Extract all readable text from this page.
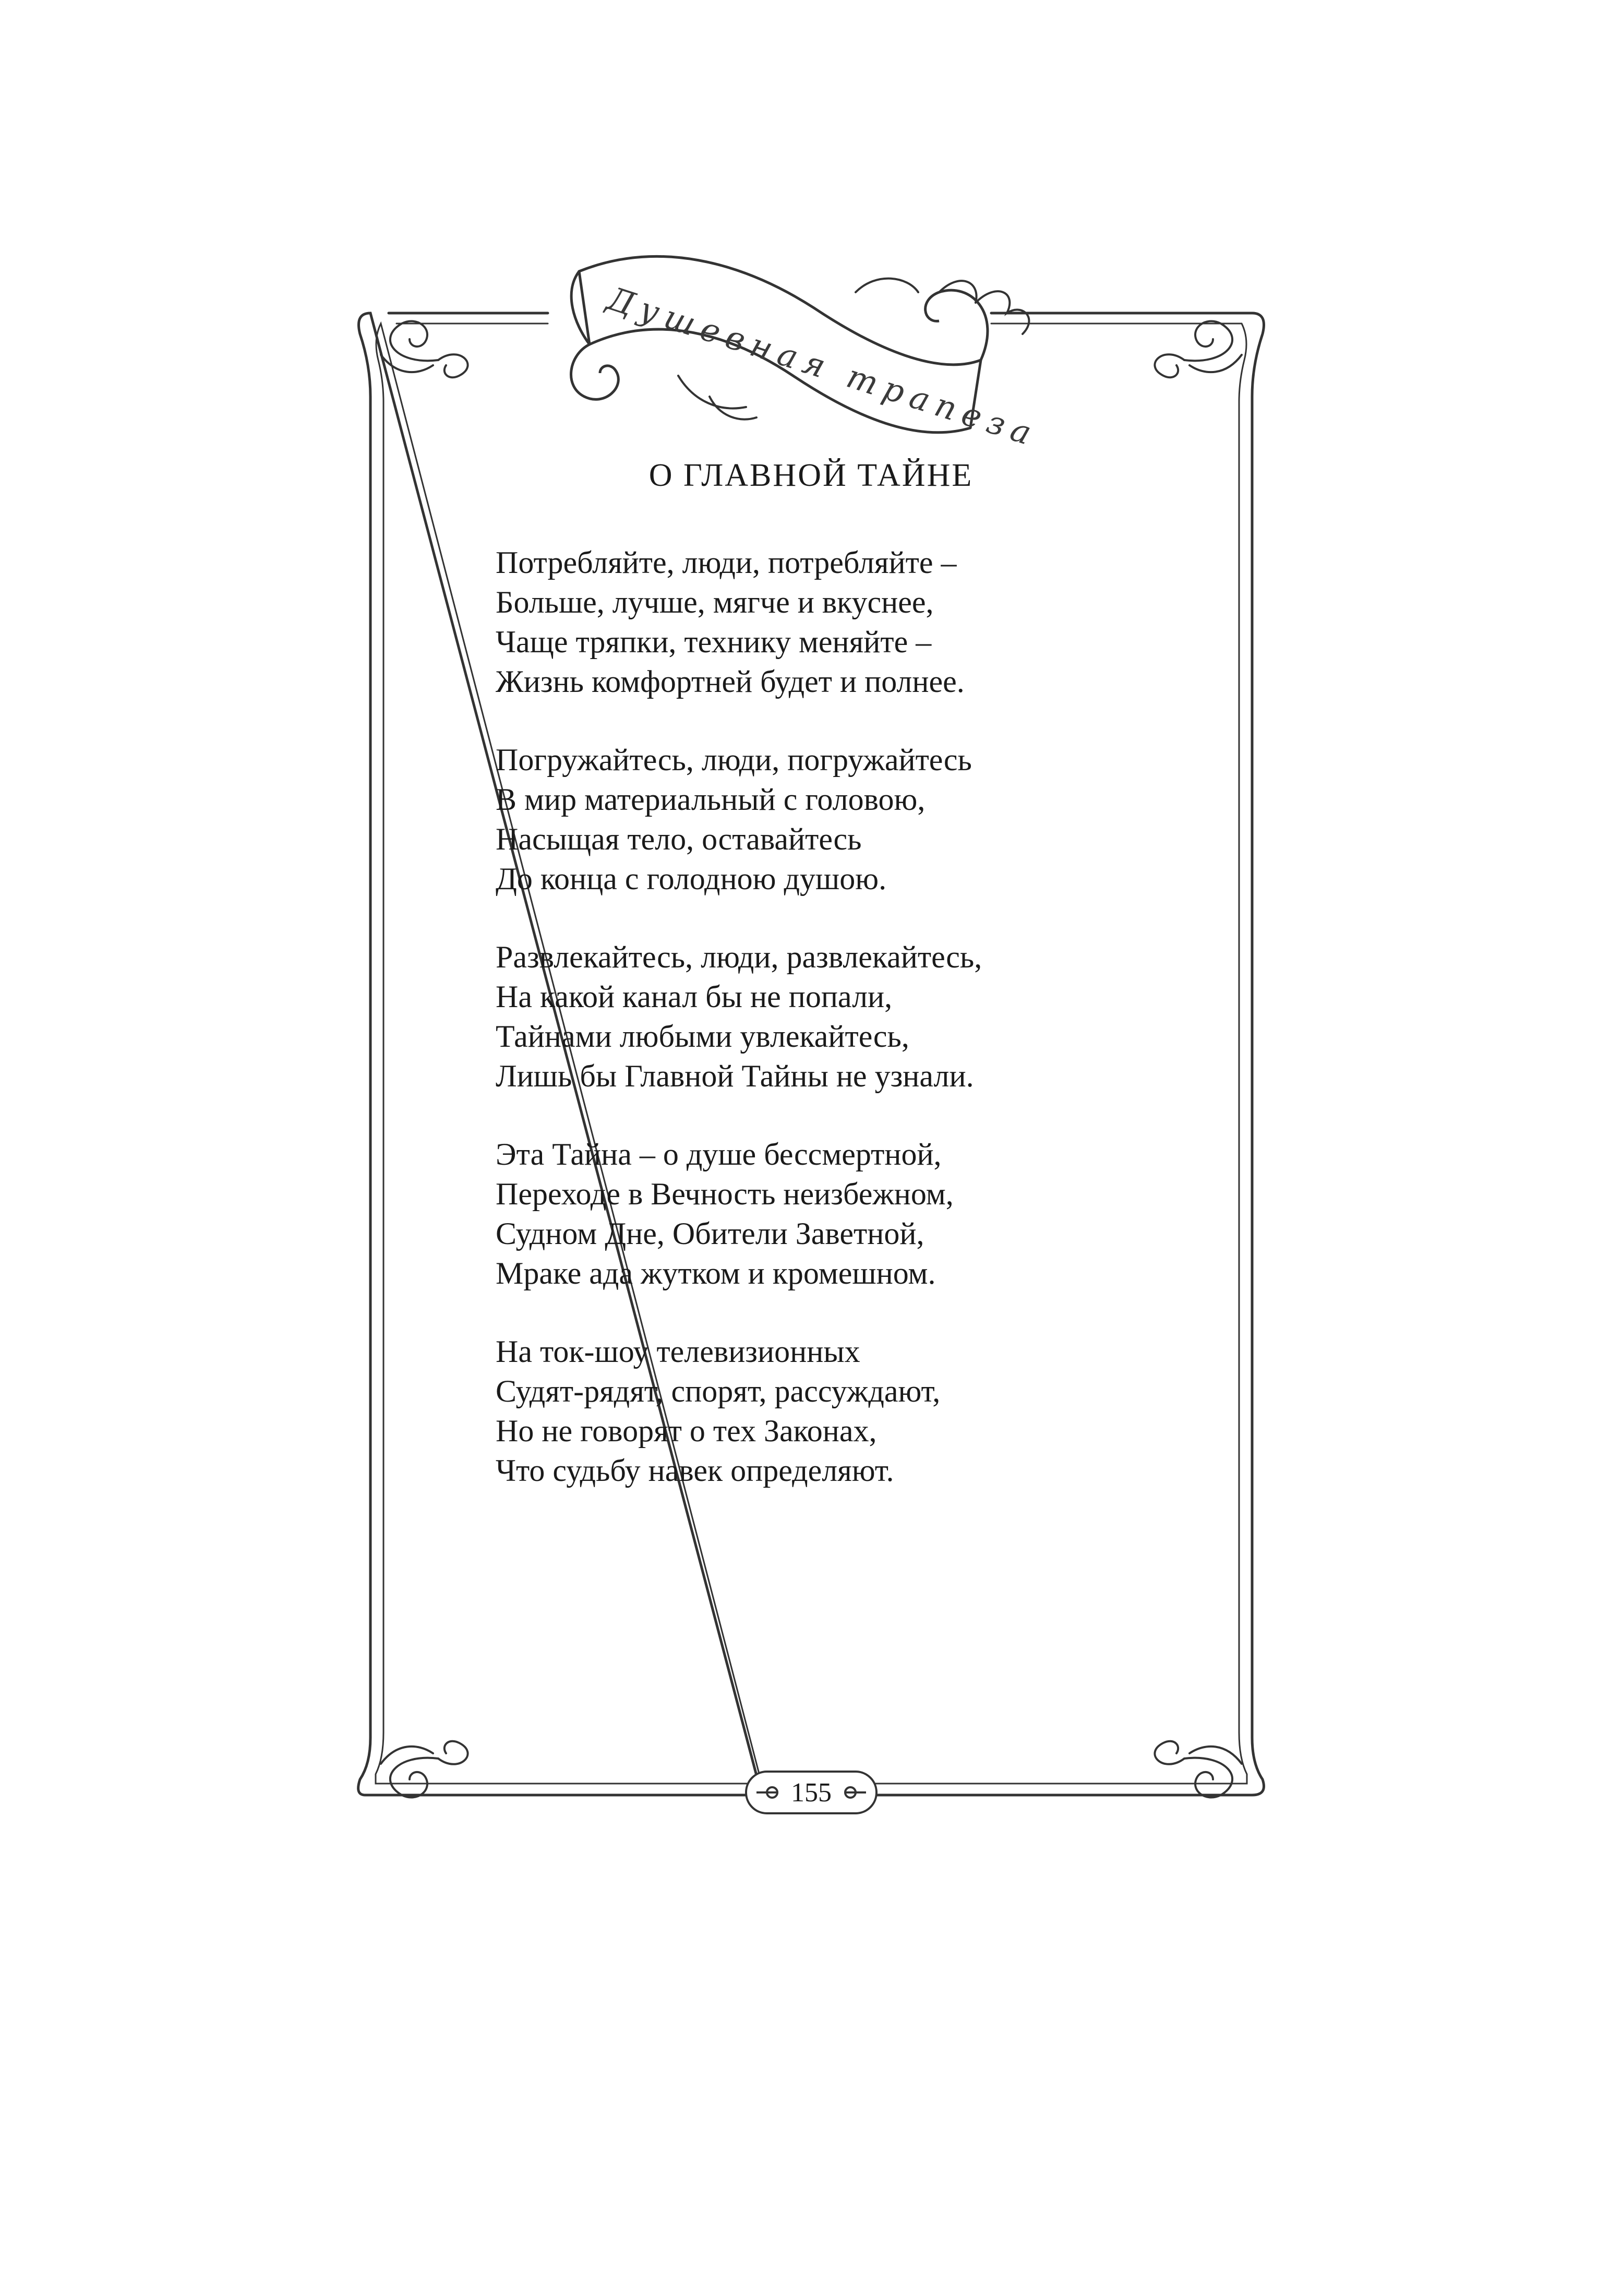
Душевная трапеза
155
О ГЛАВНОЙ ТАЙНЕ
Потребляйте, люди, потребляйте –
Больше, лучше, мягче и вкуснее,
Чаще тряпки, технику меняйте –
Жизнь комфортней будет и полнее.
Погружайтесь, люди, погружайтесь
В мир материальный с головою,
Насыщая тело, оставайтесь
До конца с голодною душою.
Развлекайтесь, люди, развлекайтесь,
На какой канал бы не попали,
Тайнами любыми увлекайтесь,
Лишь бы Главной Тайны не узнали.
Эта Тайна – о душе бессмертной,
Переходе в Вечность неизбежном,
Судном Дне, Обители Заветной,
Мраке ада жутком и кромешном.
На ток-шоу телевизионных
Судят-рядят, спорят, рассуждают,
Но не говорят о тех Законах,
Что судьбу навек определяют.
